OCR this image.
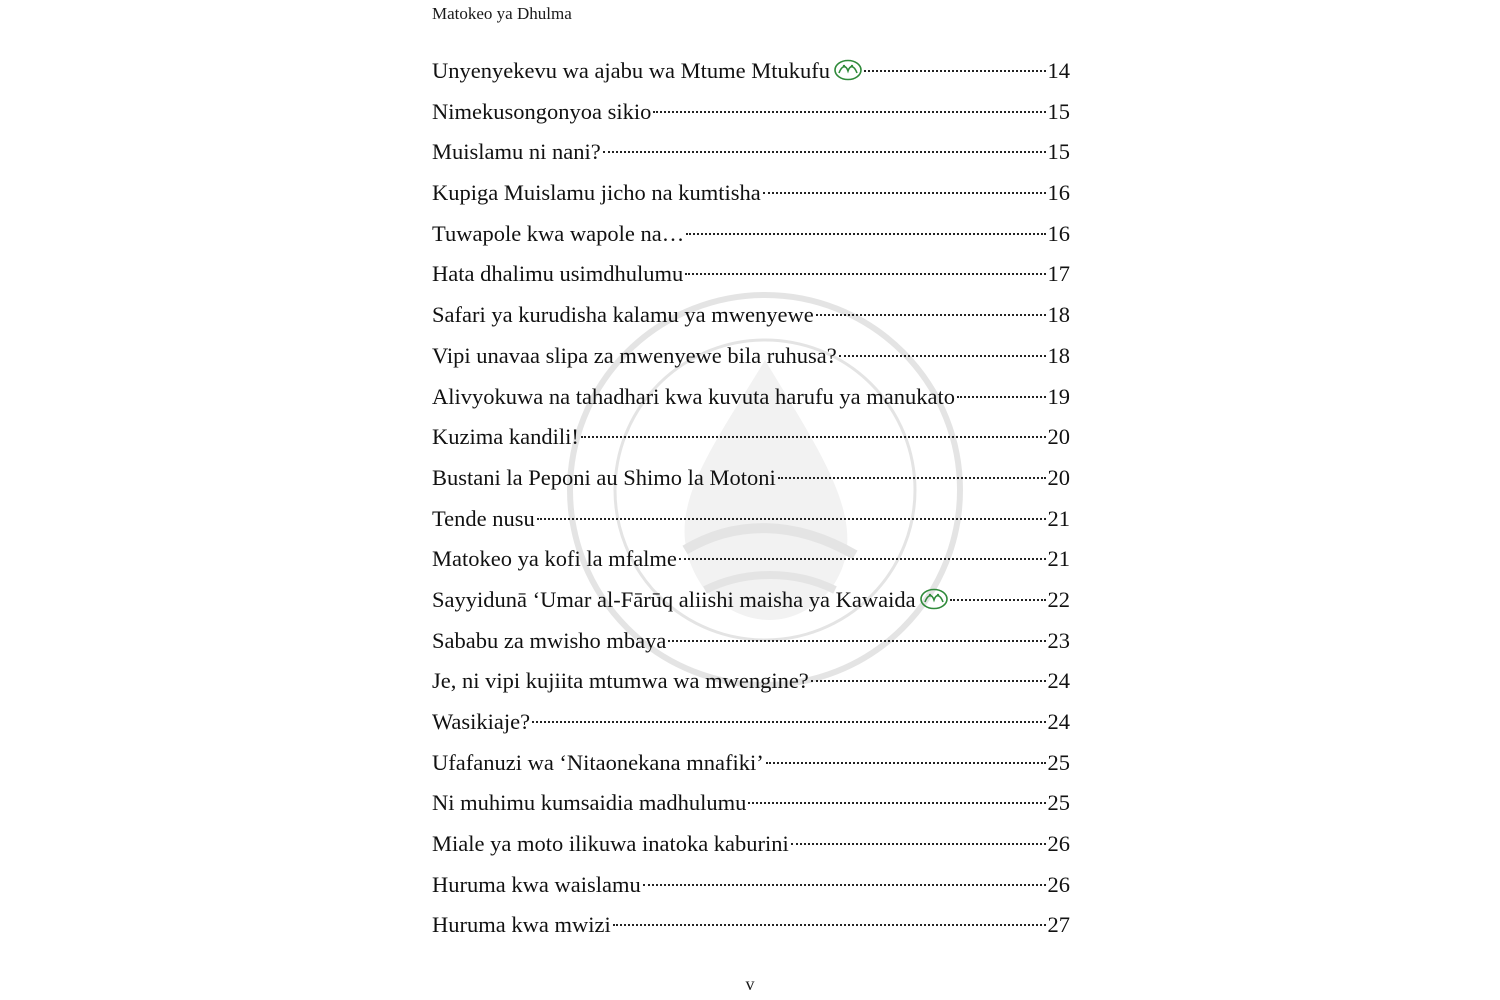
Matokeo ya Dhulma
Unyenyekevu wa ajabu wa Mtume Mtukufu	14
Nimekusongonyoa sikio	15
Muislamu ni nani?	15
Kupiga Muislamu jicho na kumtisha	16
Tuwapole kwa wapole na…	16
Hata dhalimu usimdhulumu	17
Safari ya kurudisha kalamu ya mwenyewe	18
Vipi unavaa slipa za mwenyewe bila ruhusa?	18
Alivyokuwa na tahadhari kwa kuvuta harufu ya manukato	19
Kuzima kandili!	20
Bustani la Peponi au Shimo la Motoni	20
Tende nusu	21
Matokeo ya kofi la mfalme	21
Sayyidunā ‘Umar al-Fārūq aliishi maisha ya Kawaida	22
Sababu za mwisho mbaya	23
Je, ni vipi kujiita mtumwa wa mwengine?	24
Wasikiaje?	24
Ufafanuzi wa ‘Nitaonekana mnafiki’	25
Ni muhimu kumsaidia madhulumu	25
Miale ya moto ilikuwa inatoka kaburini	26
Huruma kwa waislamu	26
Huruma kwa mwizi	27
v
